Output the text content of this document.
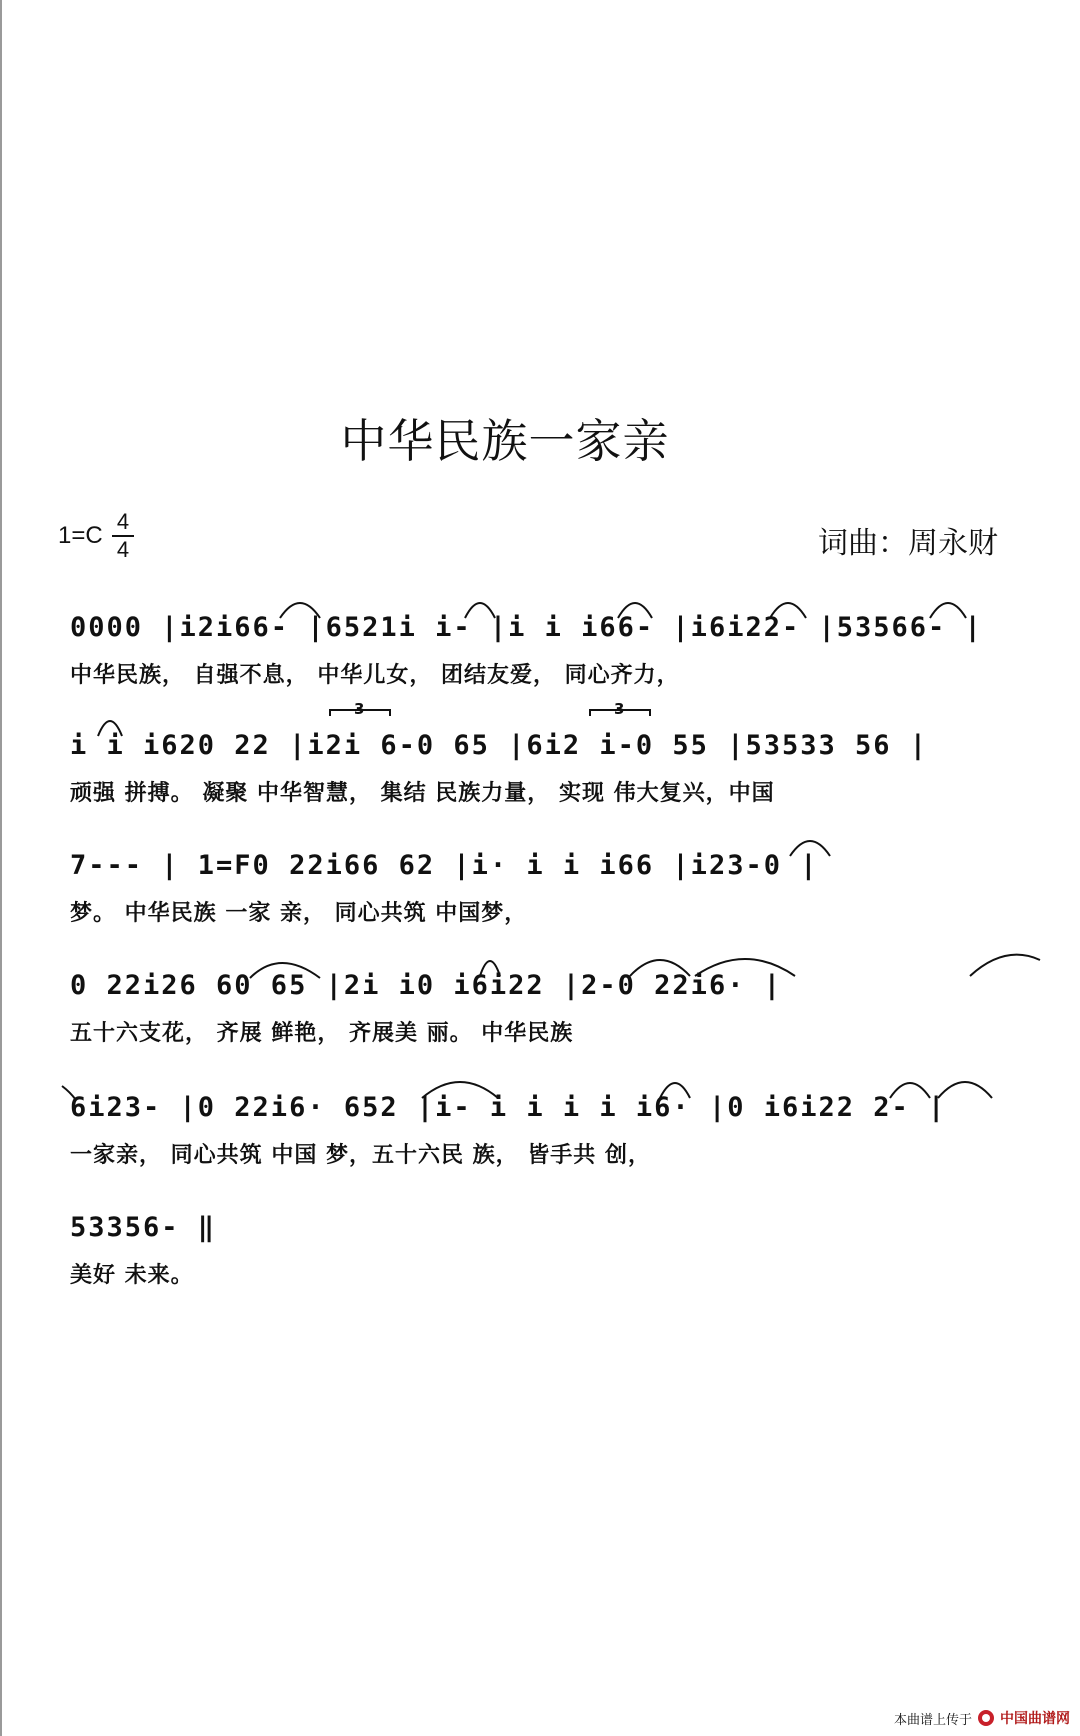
中华民族一家亲
1=C
4
4	词曲：周永财
0000 |i2i66- |6521i i- |i i i66- |i6i22- |53566- |
中华民族， 自强不息， 中华儿女， 团结友爱， 同心齐力，
3	3
i i i620 22 |i2i 6-0 65 |6i2 i-0 55 |53533 56 |
顽强 拼搏。 凝聚 中华智慧， 集结 民族力量， 实现 伟大复兴，中国
7--- | 1=F0 22i66 62 |i· i i i66 |i23-0 |
梦。 中华民族 一家 亲， 同心共筑 中国梦，
0 22i26 60 65 |2i i0 i6i22 |2-0 22i6· |
五十六支花， 齐展 鲜艳， 齐展美 丽。 中华民族
6i23- |0 22i6· 652 |i- i i i i i6· |0 i6i22 2- |
一家亲， 同心共筑 中国 梦，五十六民 族， 皆手共 创，
53356- ‖
美好 未来。
本曲谱上传于 中国曲谱网
